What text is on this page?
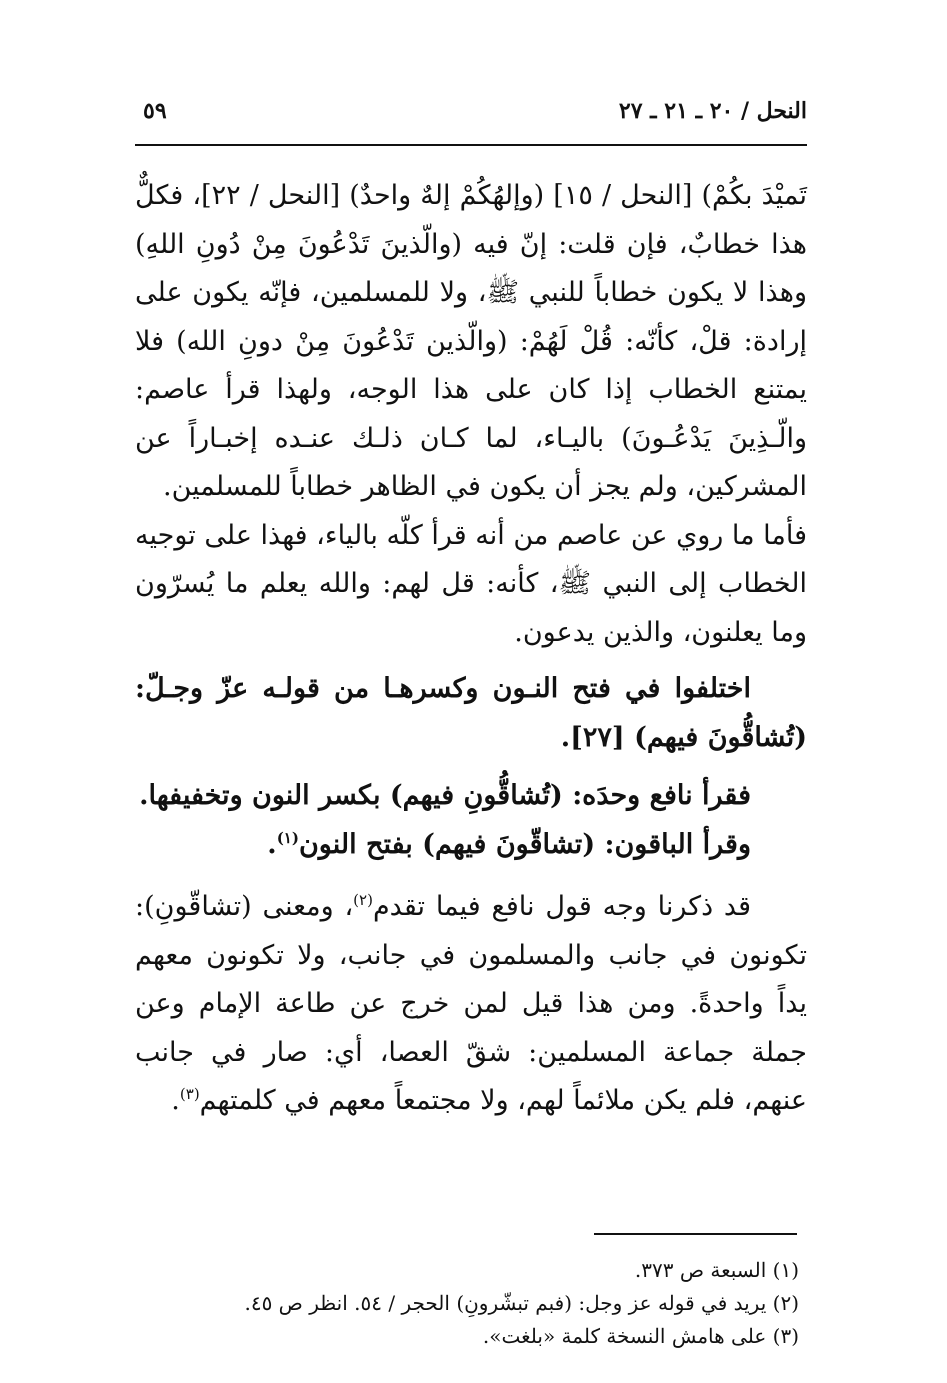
النحل / ٢٠ ـ ٢١ ـ ٢٧
٥٩

تَميْدَ بكُمْ) [النحل / ١٥] (وإلهُكُمْ إلهٌ واحدٌ) [النحل / ٢٢]، فكلٌّ هذا خطابٌ، فإن قلت: إنّ فيه (والّذينَ تَدْعُونَ مِنْ دُونِ اللهِ) وهذا لا يكون خطاباً للنبي ﷺ، ولا للمسلمين، فإنّه يكون على إرادة: قلْ، كأنّه: قُلْ لَهُمْ: (والّذين تَدْعُونَ مِنْ دونِ الله) فلا يمتنع الخطاب إذا كان على هذا الوجه، ولهذا قرأ عاصم: والّـذِينَ يَدْعُـونَ) باليـاء، لما كـان ذلـك عنـده إخبـاراً عن المشركين، ولم يجز أن يكون في الظاهر خطاباً للمسلمين.

فأما ما روي عن عاصم من أنه قرأ كلّه بالياء، فهذا على توجيه الخطاب إلى النبي ﷺ، كأنه: قل لهم: والله يعلم ما يُسرّون وما يعلنون، والذين يدعون.

اختلفوا في فتح النـون وكسرهـا من قولـه عزّ وجـلّ: (تُشاقُّونَ فيهم) [٢٧].

فقرأ نافع وحدَه: (تُشاقُّونِ فيهم) بكسر النون وتخفيفها.

وقرأ الباقون: (تشاقّونَ فيهم) بفتح النون$^{(١)}$.

قد ذكرنا وجه قول نافع فيما تقدم$^{(٢)}$، ومعنى (تشاقّونِ): تكونون في جانب والمسلمون في جانب، ولا تكونون معهم يداً واحدةً. ومن هذا قيل لمن خرج عن طاعة الإمام وعن جملة جماعة المسلمين: شقّ العصا، أي: صار في جانب عنهم، فلم يكن ملائماً لهم، ولا مجتمعاً معهم في كلمتهم$^{(٣)}$.

(١) السبعة ص ٣٧٣.

(٢) يريد في قوله عز وجل: (فبم تبشّرونِ) الحجر / ٥٤. انظر ص ٤٥.

(٣) على هامش النسخة كلمة «بلغت».
